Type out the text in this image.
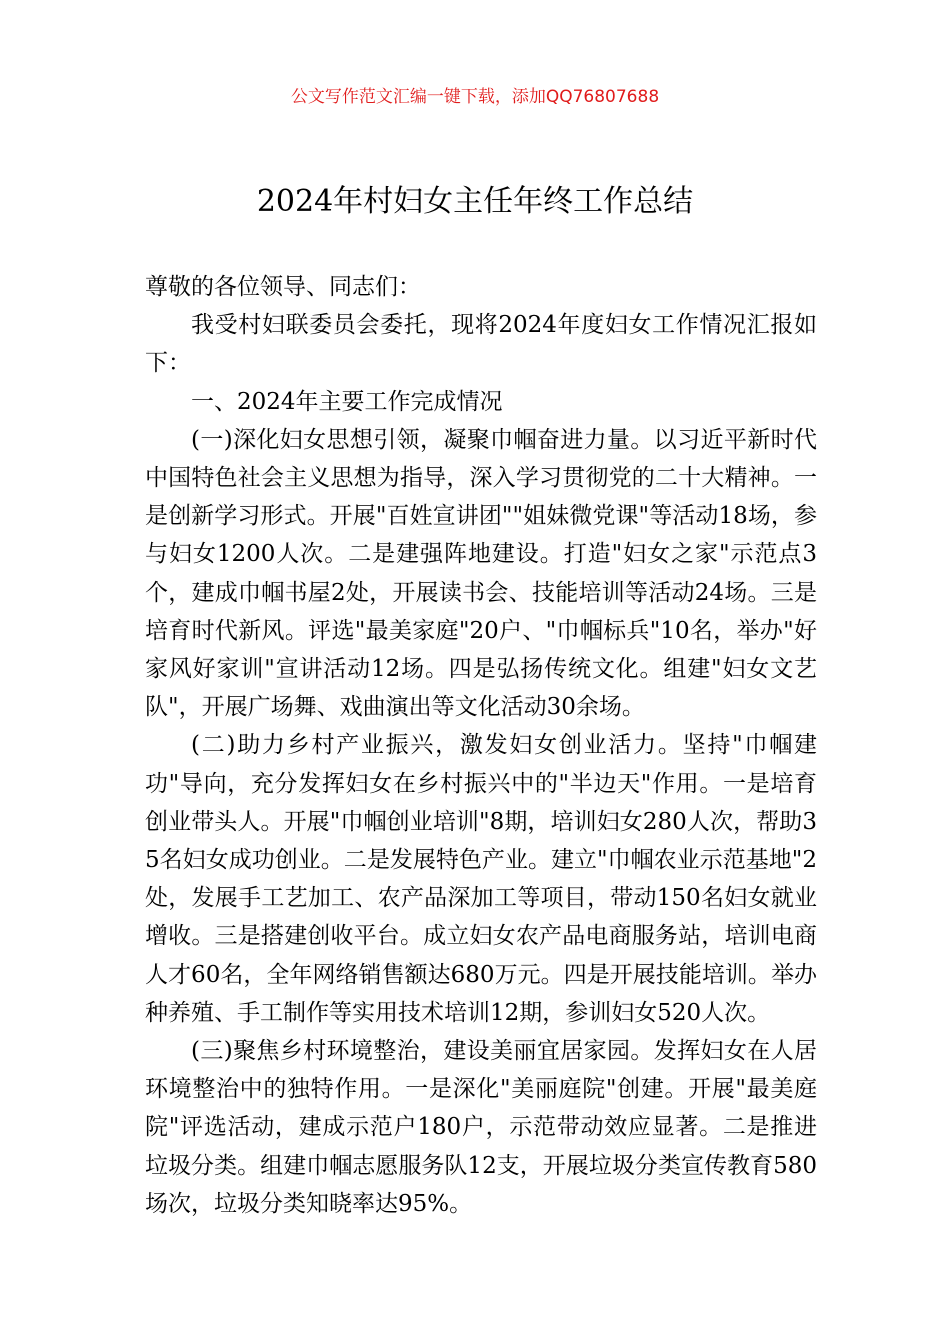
公文写作范文汇编一键下载，添加QQ76807688
2024年村妇女主任年终工作总结

尊敬的各位领导、同志们：

我受村妇联委员会委托，现将2024年度妇女工作情况汇报如下：

一、2024年主要工作完成情况

(一)深化妇女思想引领，凝聚巾帼奋进力量。以习近平新时代中国特色社会主义思想为指导，深入学习贯彻党的二十大精神。一是创新学习形式。开展"百姓宣讲团""姐妹微党课"等活动18场，参与妇女1200人次。二是建强阵地建设。打造"妇女之家"示范点3个，建成巾帼书屋2处，开展读书会、技能培训等活动24场。三是培育时代新风。评选"最美家庭"20户、"巾帼标兵"10名，举办"好家风好家训"宣讲活动12场。四是弘扬传统文化。组建"妇女文艺队"，开展广场舞、戏曲演出等文化活动30余场。

(二)助力乡村产业振兴，激发妇女创业活力。坚持"巾帼建功"导向，充分发挥妇女在乡村振兴中的"半边天"作用。一是培育创业带头人。开展"巾帼创业培训"8期，培训妇女280人次，帮助35名妇女成功创业。二是发展特色产业。建立"巾帼农业示范基地"2处，发展手工艺加工、农产品深加工等项目，带动150名妇女就业增收。三是搭建创收平台。成立妇女农产品电商服务站，培训电商人才60名，全年网络销售额达680万元。四是开展技能培训。举办种养殖、手工制作等实用技术培训12期，参训妇女520人次。

(三)聚焦乡村环境整治，建设美丽宜居家园。发挥妇女在人居环境整治中的独特作用。一是深化"美丽庭院"创建。开展"最美庭院"评选活动，建成示范户180户，示范带动效应显著。二是推进垃圾分类。组建巾帼志愿服务队12支，开展垃圾分类宣传教育580场次，垃圾分类知晓率达95%。
